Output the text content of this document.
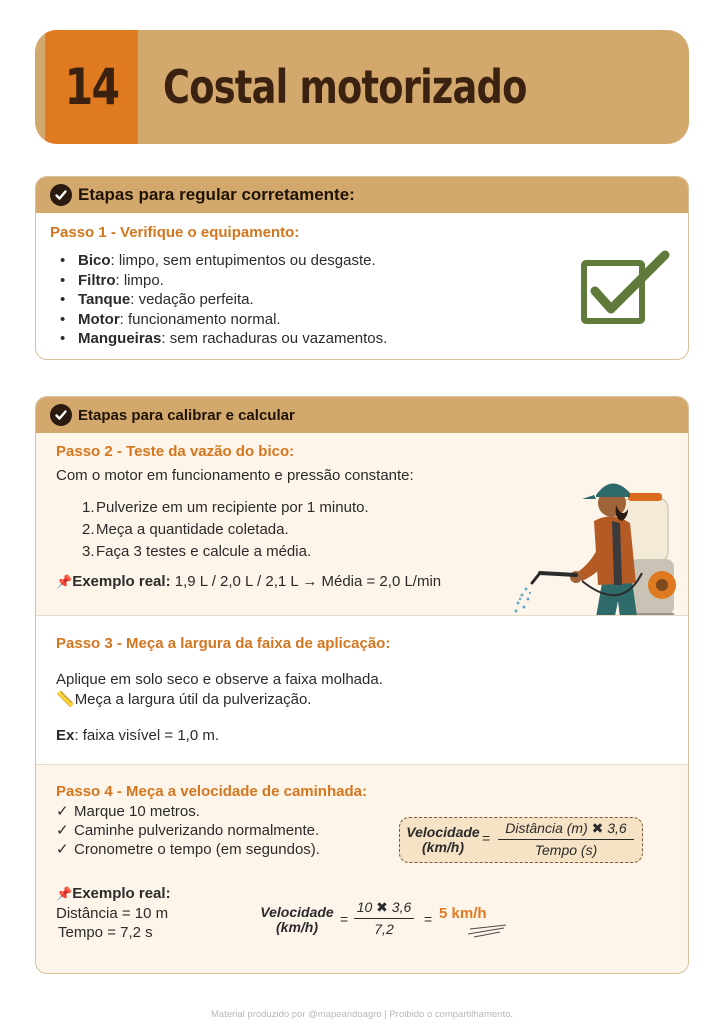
14 Costal motorizado
Etapas para regular corretamente:
Passo 1 - Verifique o equipamento:
• Bico: limpo, sem entupimentos ou desgaste.
• Filtro: limpo.
• Tanque: vedação perfeita.
• Motor: funcionamento normal.
• Mangueiras: sem rachaduras ou vazamentos.
Etapas para calibrar e calcular
Passo 2 - Teste da vazão do bico:
Com o motor em funcionamento e pressão constante:
1.Pulverize em um recipiente por 1 minuto.
2.Meça a quantidade coletada.
3.Faça 3 testes e calcule a média.
📌Exemplo real: 1,9 L / 2,0 L / 2,1 L → Média = 2,0 L/min
Passo 3 - Meça a largura da faixa de aplicação:
Aplique em solo seco e observe a faixa molhada.
📏Meça a largura útil da pulverização.
Ex: faixa visível = 1,0 m.
Passo 4 - Meça a velocidade de caminhada:
✓ Marque 10 metros.
✓ Caminhe pulverizando normalmente.
✓ Cronometre o tempo (em segundos).
Velocidade
(km/h)
=
Distância (m) ✖ 3,6
Tempo (s)
📌Exemplo real:
Distância = 10 m
Tempo = 7,2 s
Velocidade
(km/h)	=
10 ✖ 3,6
7,2
= 5 km/h
Material produzido por @mapeandoagro | Proibido o compartilhamento.
